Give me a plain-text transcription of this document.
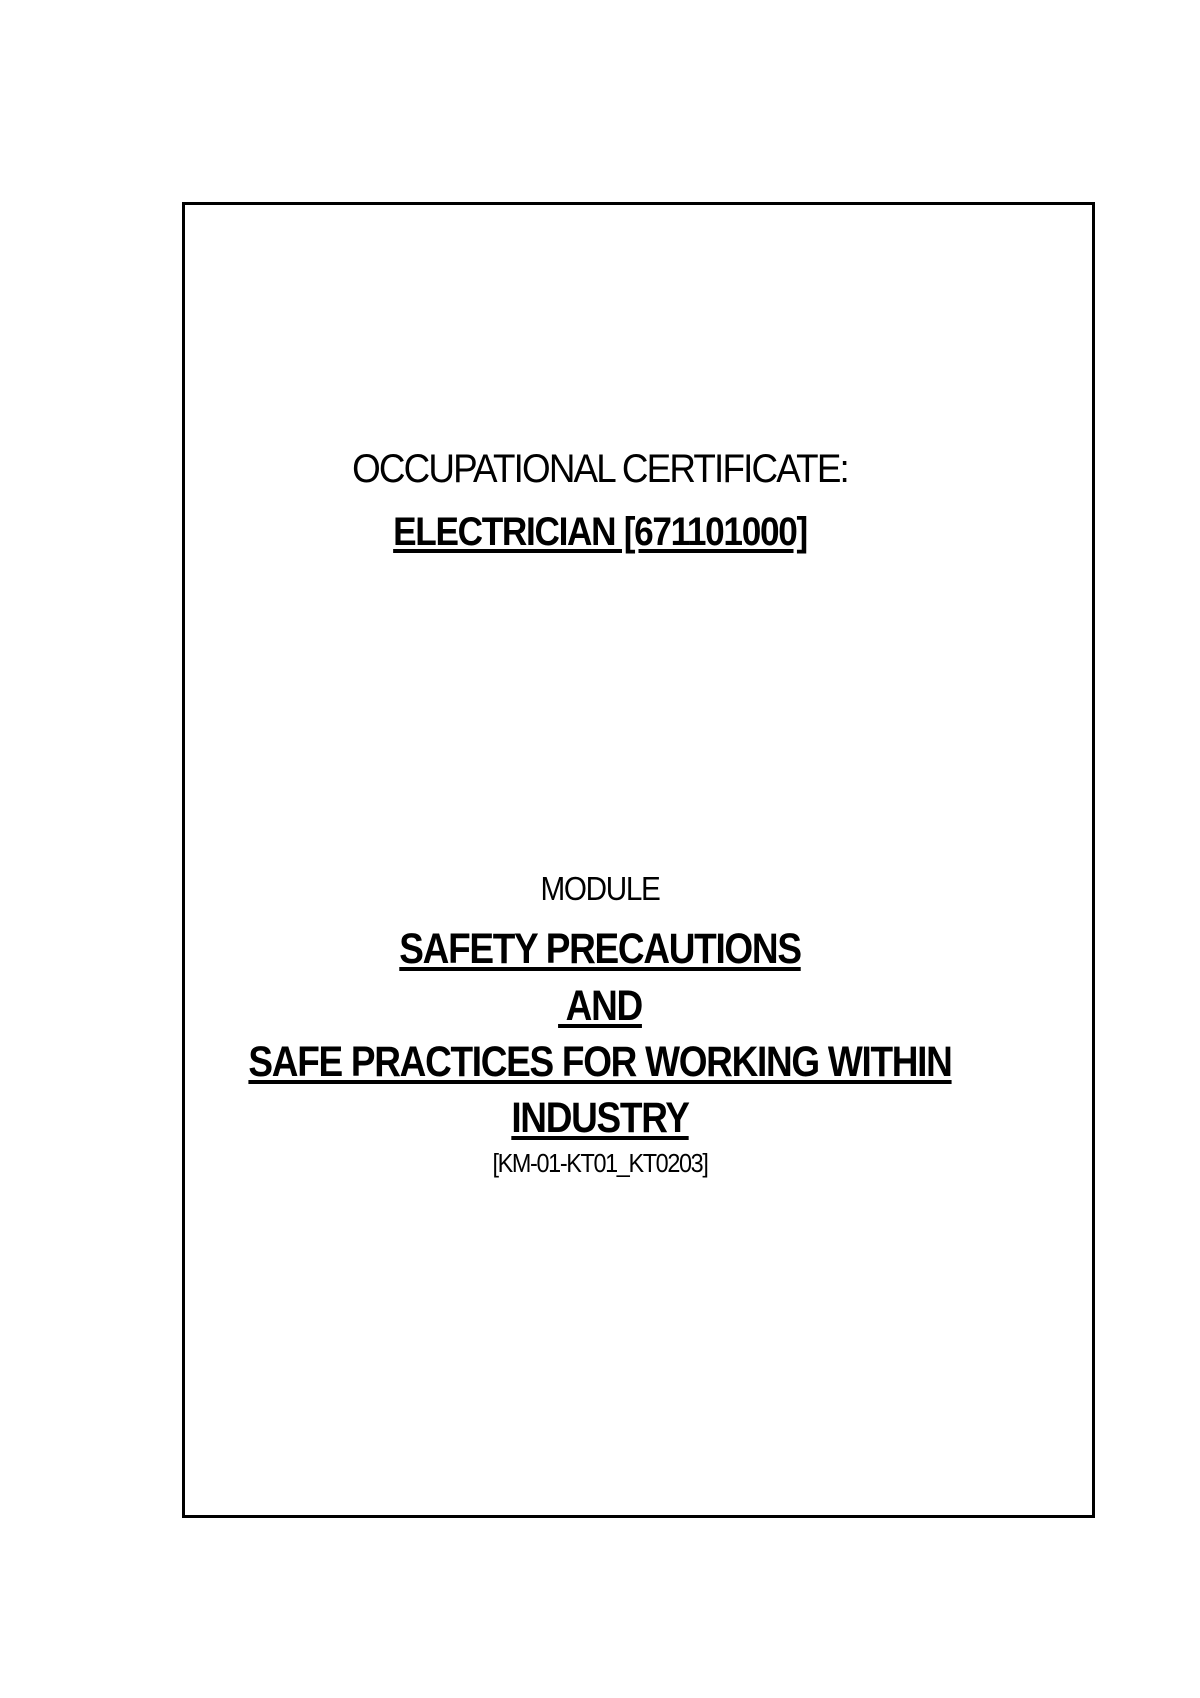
OCCUPATIONAL CERTIFICATE:
ELECTRICIAN [671101000]
MODULE
SAFETY PRECAUTIONS
AND
SAFE PRACTICES FOR WORKING WITHIN
INDUSTRY
[KM-01-KT01_KT0203]
